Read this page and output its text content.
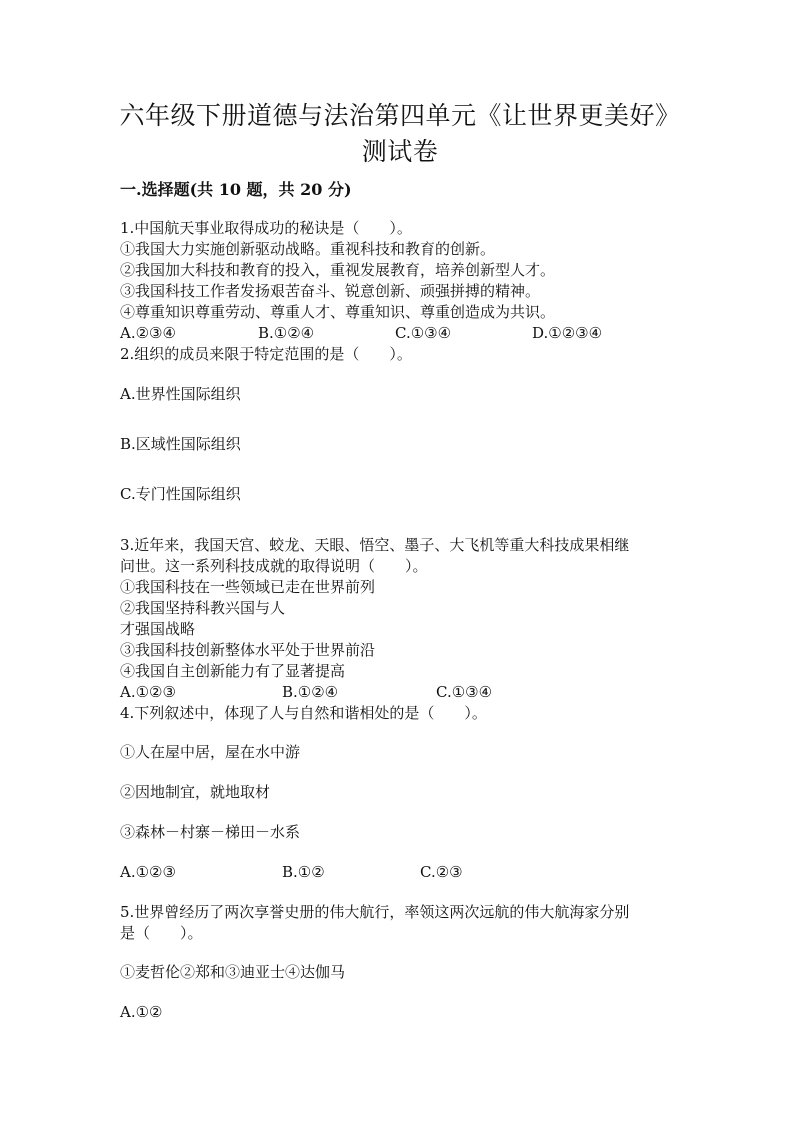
六年级下册道德与法治第四单元《让世界更美好》
测试卷
一.选择题(共 10 题，共 20 分)
1.中国航天事业取得成功的秘诀是（　　）。
①我国大力实施创新驱动战略。重视科技和教育的创新。
②我国加大科技和教育的投入，重视发展教育，培养创新型人才。
③我国科技工作者发扬艰苦奋斗、锐意创新、顽强拼搏的精神。
④尊重知识尊重劳动、尊重人才、尊重知识、尊重创造成为共识。
A.②③④	B.①②④	C.①③④	D.①②③④
2.组织的成员来限于特定范围的是（　　）。
A.世界性国际组织
B.区域性国际组织
C.专门性国际组织
3.近年来，我国天宫、蛟龙、天眼、悟空、墨子、大飞机等重大科技成果相继
问世。这一系列科技成就的取得说明（　　）。
①我国科技在一些领域已走在世界前列
②我国坚持科教兴国与人
才强国战略
③我国科技创新整体水平处于世界前沿
④我国自主创新能力有了显著提高
A.①②③	B.①②④	C.①③④
4.下列叙述中，体现了人与自然和谐相处的是（　　）。
①人在屋中居，屋在水中游
②因地制宜，就地取材
③森林－村寨－梯田－水系
A.①②③	B.①②	C.②③
5.世界曾经历了两次享誉史册的伟大航行，率领这两次远航的伟大航海家分别
是（　　）。
①麦哲伦②郑和③迪亚士④达伽马
A.①②
